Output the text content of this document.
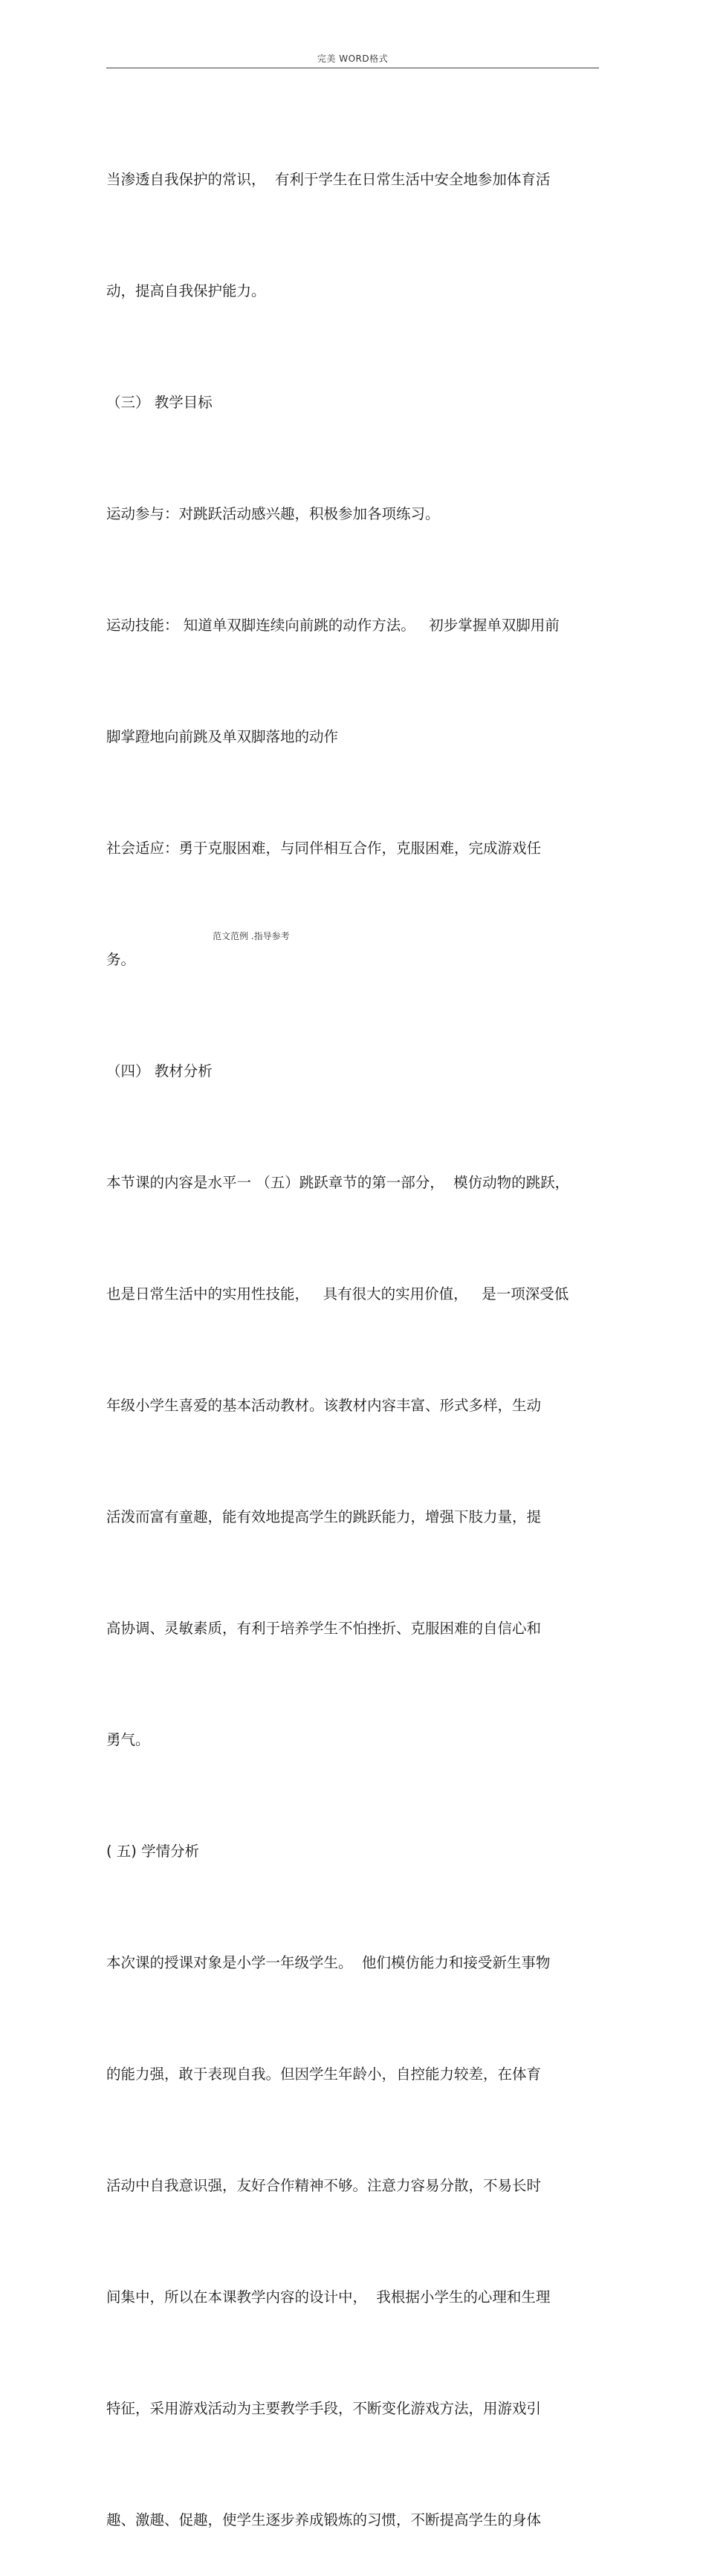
完美 WORD格式

当渗透自我保护的常识，  有利于学生在日常生活中安全地参加体育活

动，提高自我保护能力。

（三） 教学目标

运动参与：对跳跃活动感兴趣，积极参加各项练习。

运动技能： 知道单双脚连续向前跳的动作方法。   初步掌握单双脚用前

脚掌蹬地向前跳及单双脚落地的动作

社会适应：勇于克服困难，与同伴相互合作，克服困难，完成游戏任

务。

（四） 教材分析

本节课的内容是水平一 （五）跳跃章节的第一部分，  模仿动物的跳跃，

也是日常生活中的实用性技能，   具有很大的实用价值，   是一项深受低

年级小学生喜爱的基本活动教材。该教材内容丰富、形式多样，生动

活泼而富有童趣，能有效地提高学生的跳跃能力，增强下肢力量，提

高协调、灵敏素质，有利于培养学生不怕挫折、克服困难的自信心和

勇气。

( 五) 学情分析

本次课的授课对象是小学一年级学生。  他们模仿能力和接受新生事物

的能力强，敢于表现自我。但因学生年龄小，自控能力较差，在体育

活动中自我意识强，友好合作精神不够。注意力容易分散，不易长时

间集中，所以在本课教学内容的设计中，  我根据小学生的心理和生理

特征，采用游戏活动为主要教学手段，不断变化游戏方法，用游戏引

趣、激趣、促趣，使学生逐步养成锻炼的习惯，不断提高学生的身体

范文范例 .指导参考
